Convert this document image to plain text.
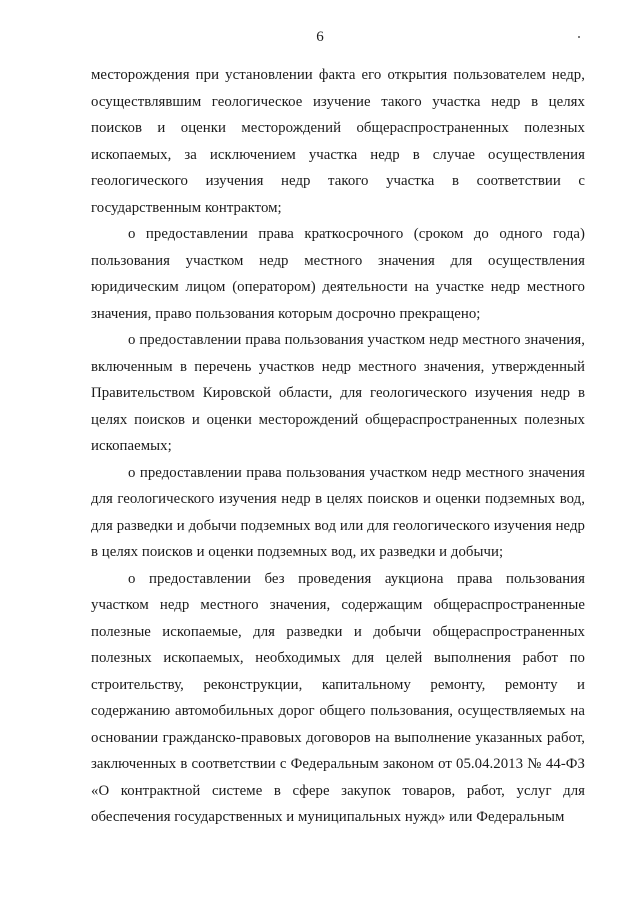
6

месторождения при установлении факта его открытия пользователем недр, осуществлявшим геологическое изучение такого участка недр в целях поисков и оценки месторождений общераспространенных полезных ископаемых, за исключением участка недр в случае осуществления геологического изучения недр такого участка в соответствии с государственным контрактом;

о предоставлении права краткосрочного (сроком до одного года) пользования участком недр местного значения для осуществления юридическим лицом (оператором) деятельности на участке недр местного значения, право пользования которым досрочно прекращено;

о предоставлении права пользования участком недр местного значения, включенным в перечень участков недр местного значения, утвержденный Правительством Кировской области, для геологического изучения недр в целях поисков и оценки месторождений общераспространенных полезных ископаемых;

о предоставлении права пользования участком недр местного значения для геологического изучения недр в целях поисков и оценки подземных вод, для разведки и добычи подземных вод или для геологического изучения недр в целях поисков и оценки подземных вод, их разведки и добычи;

о предоставлении без проведения аукциона права пользования участком недр местного значения, содержащим общераспространенные полезные ископаемые, для разведки и добычи общераспространенных полезных ископаемых, необходимых для целей выполнения работ по строительству, реконструкции, капитальному ремонту, ремонту и содержанию автомобильных дорог общего пользования, осуществляемых на основании гражданско-правовых договоров на выполнение указанных работ, заключенных в соответствии с Федеральным законом от 05.04.2013 № 44-ФЗ «О контрактной системе в сфере закупок товаров, работ, услуг для обеспечения государственных и муниципальных нужд» или Федеральным
